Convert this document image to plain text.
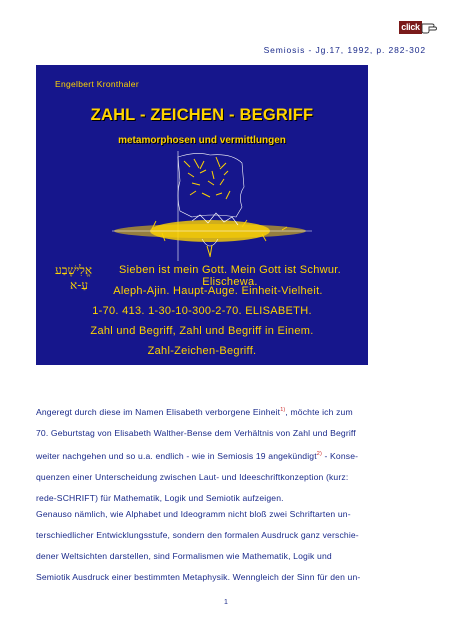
click
Semiosis - Jg.17, 1992, p. 282-302
Engelbert Kronthaler
ZAHL - ZEICHEN - BEGRIFF
metamorphosen und vermittlungen
אֱלִישֶׁבַע
עַ-א
Sieben ist mein Gott. Mein Gott ist Schwur. Elischewa.
Aleph-Ajin. Haupt-Auge. Einheit-Vielheit.
1-70. 413. 1-30-10-300-2-70. ELISABETH.
Zahl und Begriff, Zahl und Begriff in Einem.
Zahl-Zeichen-Begriff.
Angeregt durch diese im Namen Elisabeth verborgene Einheit$^{1)}$, möchte ich zum
70. Geburtstag von Elisabeth Walther-Bense dem Verhältnis von Zahl und Begriff
weiter nachgehen und so u.a. endlich - wie in Semiosis 19 angekündigt$^{2)}$ - Konse-
quenzen einer Unterscheidung zwischen Laut- und Ideeschriftkonzeption (kurz:
rede-SCHRIFT) für Mathematik, Logik und Semiotik aufzeigen.
Genauso nämlich, wie Alphabet und Ideogramm nicht bloß zwei Schriftarten un-
terschiedlicher Entwicklungsstufe, sondern den formalen Ausdruck ganz verschie-
dener Weltsichten darstellen, sind Formalismen wie Mathematik, Logik und
Semiotik Ausdruck einer bestimmten Metaphysik. Wenngleich der Sinn für den un-
1
